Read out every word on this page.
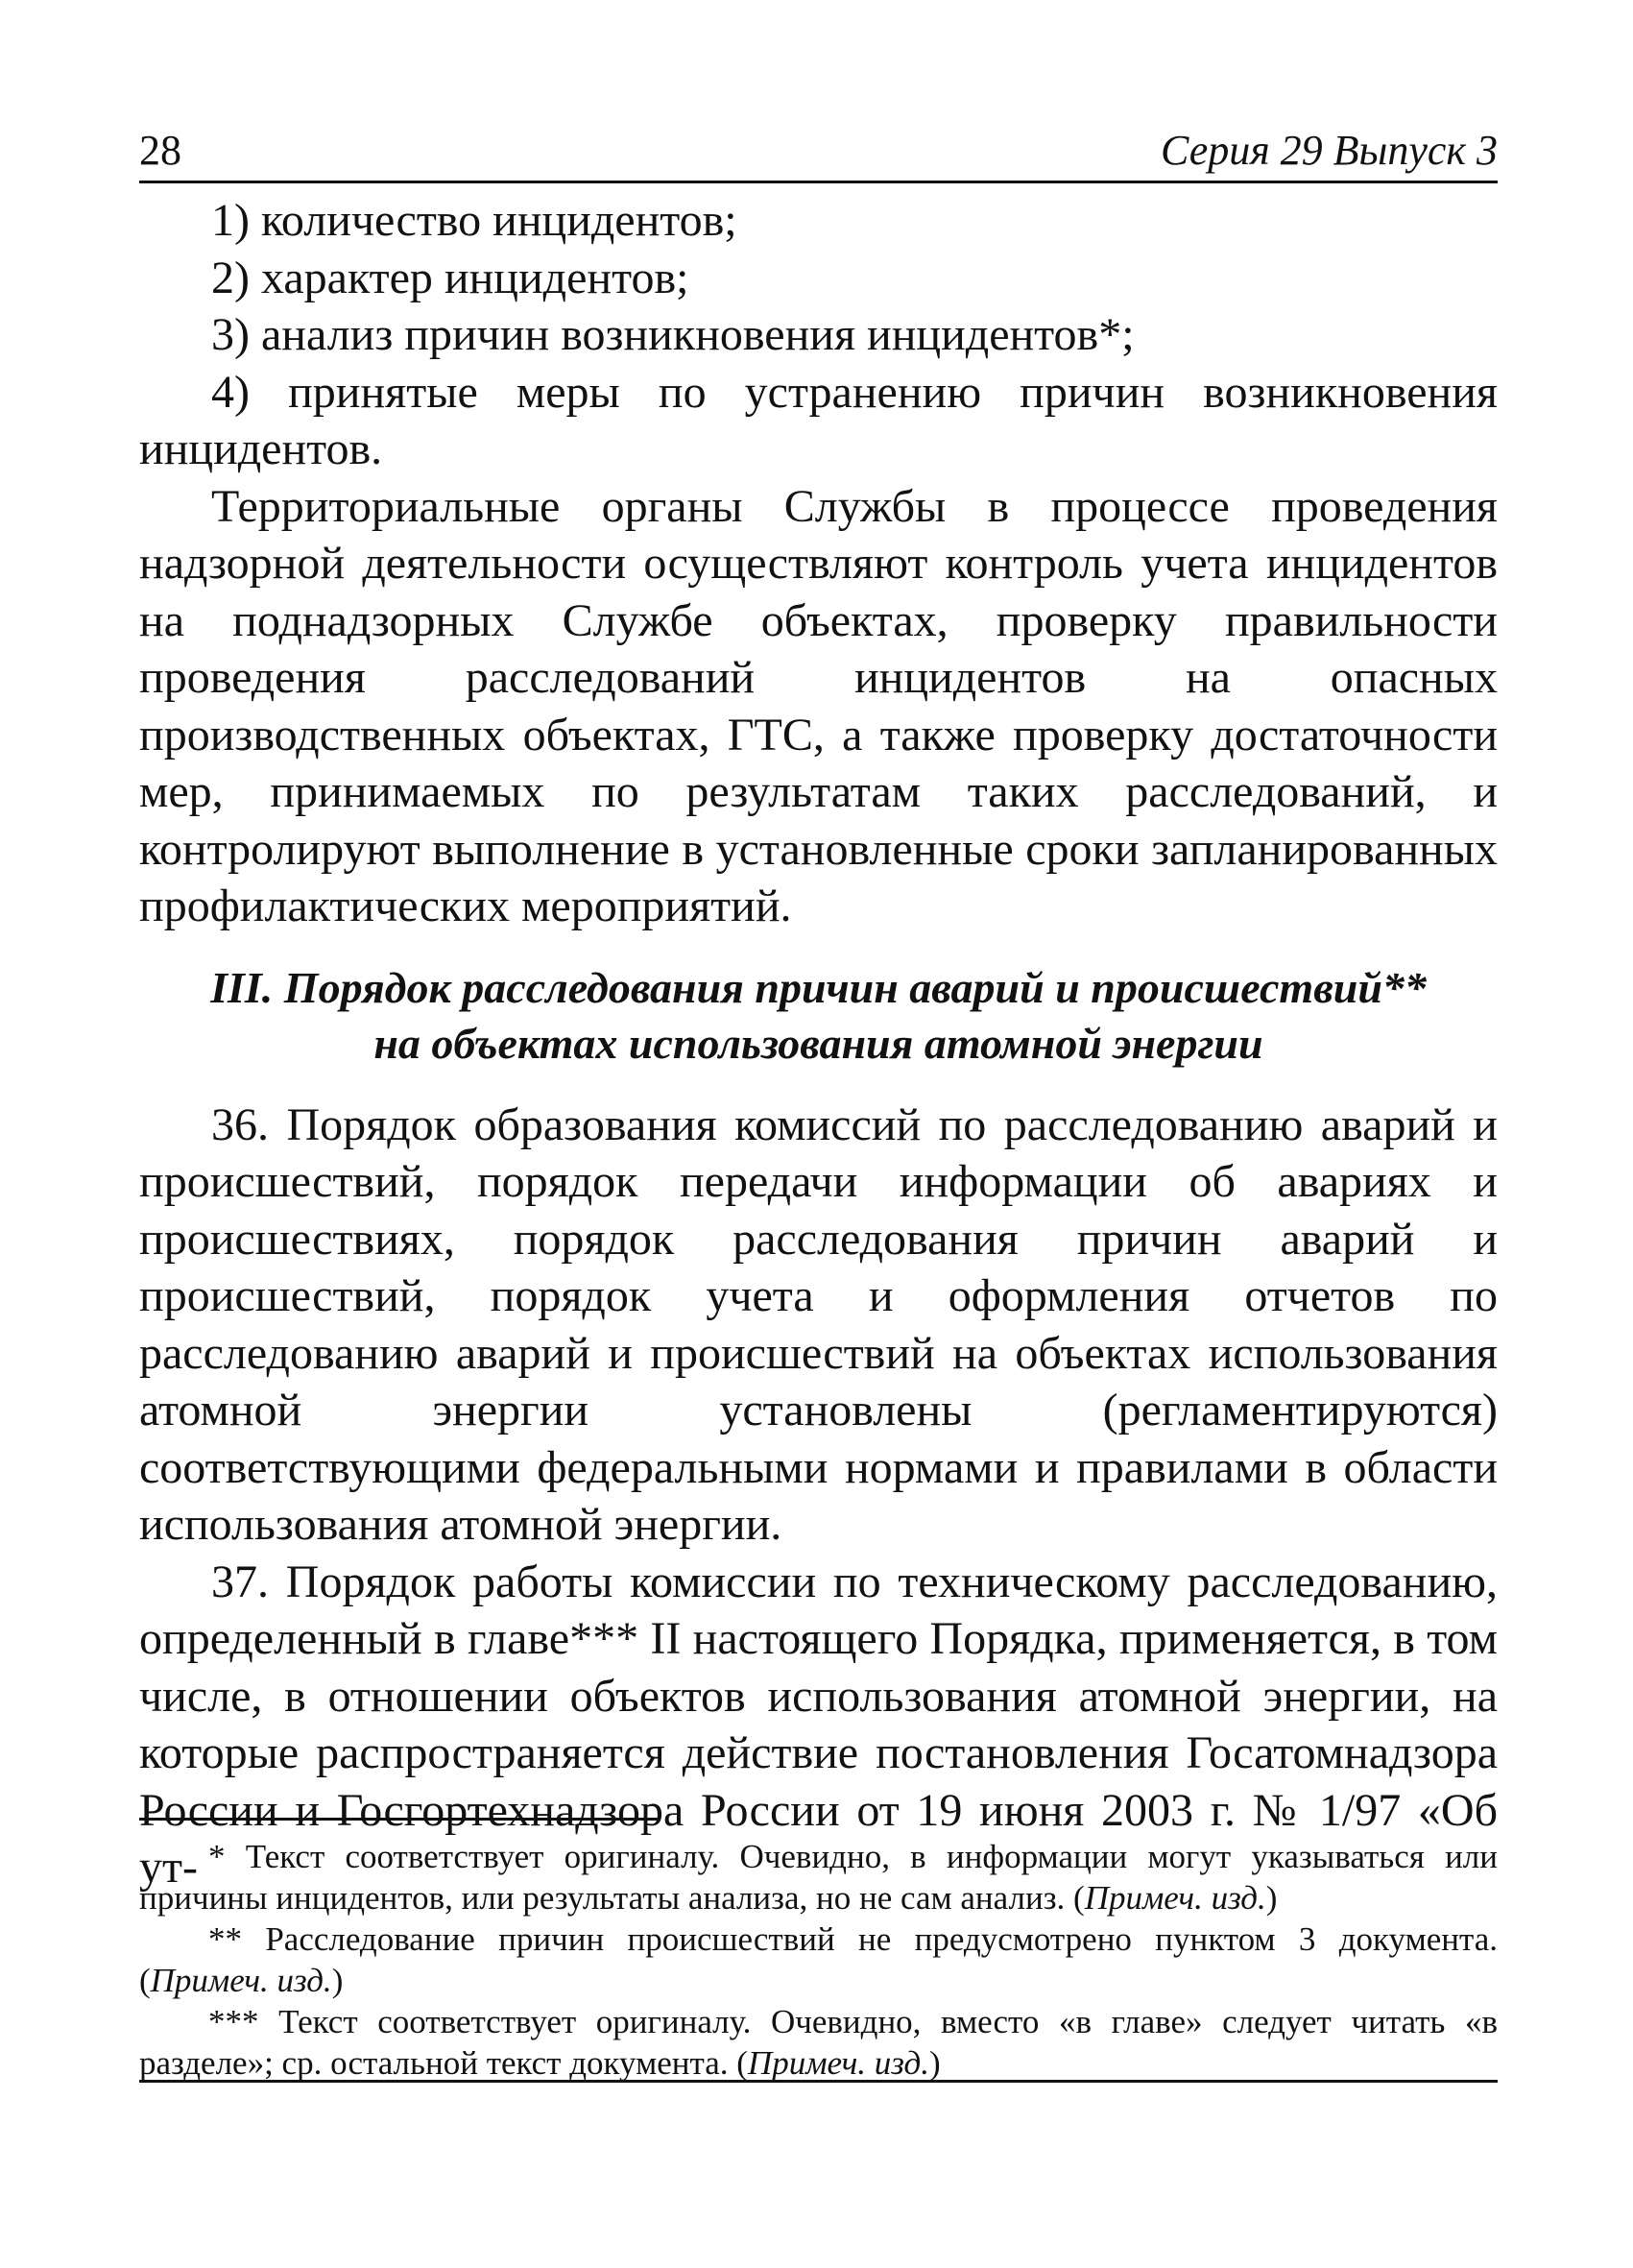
28	Серия 29 Выпуск 3

1) количество инцидентов;

2) характер инцидентов;

3) анализ причин возникновения инцидентов*;

4) принятые меры по устранению причин возникновения инцидентов.

Территориальные органы Службы в процессе проведения надзорной деятельности осуществляют контроль учета инцидентов на поднадзорных Службе объектах, проверку правильности проведения расследований инцидентов на опасных производственных объектах, ГТС, а также проверку достаточности мер, принимаемых по результатам таких расследований, и контролируют выполнение в установленные сроки запланированных профилактических мероприятий.

III. Порядок расследования причин аварий и происшествий**
на объектах использования атомной энергии

36. Порядок образования комиссий по расследованию аварий и происшествий, порядок передачи информации об авариях и происшествиях, порядок расследования причин аварий и происшествий, порядок учета и оформления отчетов по расследованию аварий и происшествий на объектах использования атомной энергии установлены (регламентируются) соответствующими федеральными нормами и правилами в области использования атомной энергии.

37. Порядок работы комиссии по техническому расследованию, определенный в главе*** II настоящего Порядка, применяется, в том числе, в отношении объектов использования атомной энергии, на которые распространяется действие постановления Госатомнадзора России и Госгортехнадзора России от 19 июня 2003 г. № 1/97 «Об ут- * Текст соответствует оригиналу. Очевидно, в информации могут указываться или причины инцидентов, или результаты анализа, но не сам анализ. (Примеч. изд.)

** Расследование причин происшествий не предусмотрено пунктом 3 документа. (Примеч. изд.)

*** Текст соответствует оригиналу. Очевидно, вместо «в главе» следует читать «в разделе»; ср. остальной текст документа. (Примеч. изд.)
